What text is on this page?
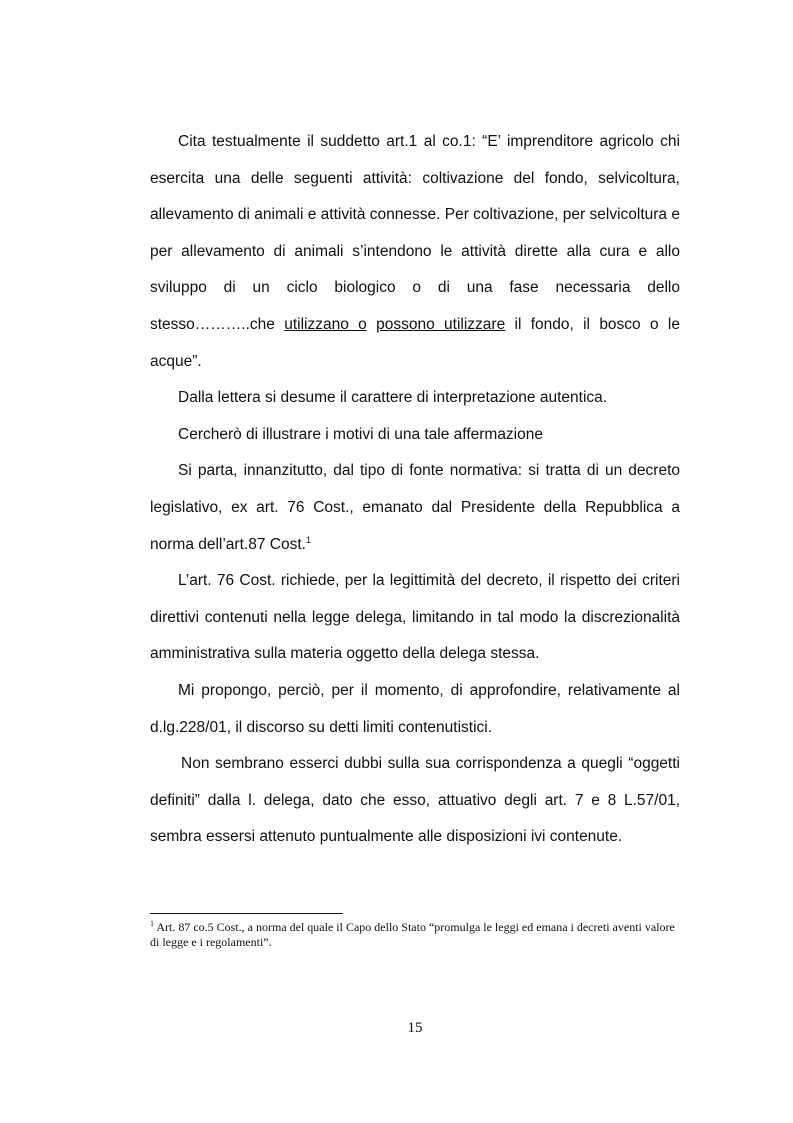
Cita testualmente il suddetto art.1 al co.1: “E’ imprenditore agricolo chi esercita una delle seguenti attività: coltivazione del fondo, selvicoltura, allevamento di animali e attività connesse. Per coltivazione, per selvicoltura e per allevamento di animali s’intendono le attività dirette alla cura e allo sviluppo di un ciclo biologico o di una fase necessaria dello stesso………..che utilizzano o possono utilizzare il fondo, il bosco o le acque”.

Dalla lettera si desume il carattere di interpretazione autentica.

Cercherò di illustrare i motivi di una tale affermazione

Si parta, innanzitutto, dal tipo di fonte normativa: si tratta di un decreto legislativo, ex art. 76 Cost., emanato dal Presidente della Repubblica a norma dell’art.87 Cost.$^1$

L’art. 76 Cost. richiede, per la legittimità del decreto, il rispetto dei criteri direttivi contenuti nella legge delega, limitando in tal modo la discrezionalità amministrativa sulla materia oggetto della delega stessa.

Mi propongo, perciò, per il momento, di approfondire, relativamente al d.lg.228/01, il discorso su detti limiti contenutistici.

Non sembrano esserci dubbi sulla sua corrispondenza a quegli “oggetti definiti” dalla l. delega, dato che esso, attuativo degli art. 7 e 8 L.57/01, sembra essersi attenuto puntualmente alle disposizioni ivi contenute.

$^1$ Art. 87 co.5 Cost., a norma del quale il Capo dello Stato “promulga le leggi ed emana i decreti aventi valore di legge e i regolamenti”.

15
